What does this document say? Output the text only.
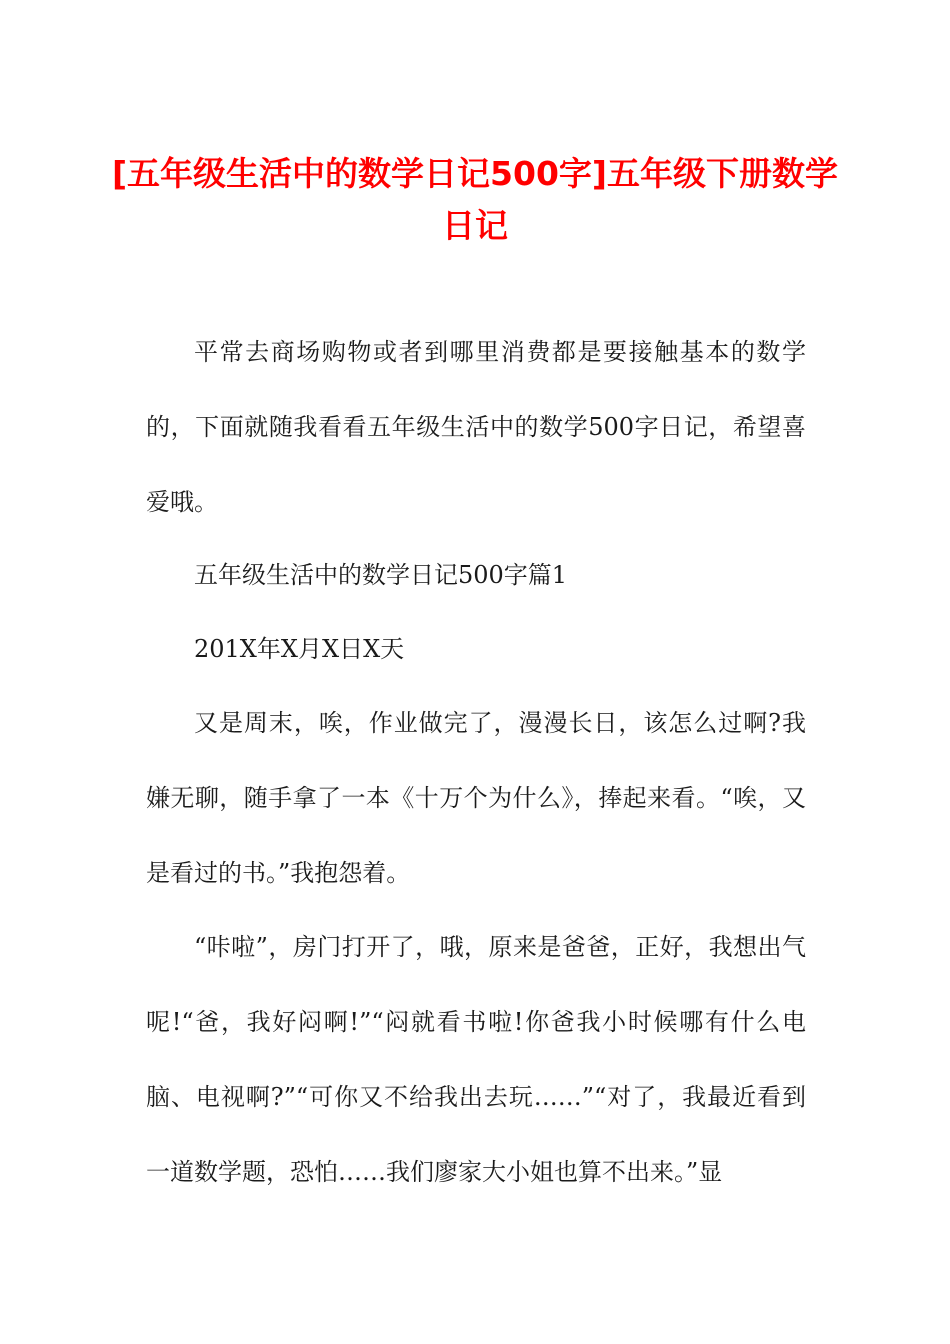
[五年级生活中的数学日记500字]五年级下册数学日记

平常去商场购物或者到哪里消费都是要接触基本的数学的，下面就随我看看五年级生活中的数学500字日记，希望喜爱哦。

五年级生活中的数学日记500字篇1

201X年X月X日X天

又是周末，唉，作业做完了，漫漫长日，该怎么过啊?我嫌无聊，随手拿了一本《十万个为什么》，捧起来看。“唉，又是看过的书。”我抱怨着。

“咔啦”，房门打开了，哦，原来是爸爸，正好，我想出气呢!“爸，我好闷啊!”“闷就看书啦!你爸我小时候哪有什么电脑、电视啊?”“可你又不给我出去玩……”“对了，我最近看到一道数学题，恐怕……我们廖家大小姐也算不出来。”显
